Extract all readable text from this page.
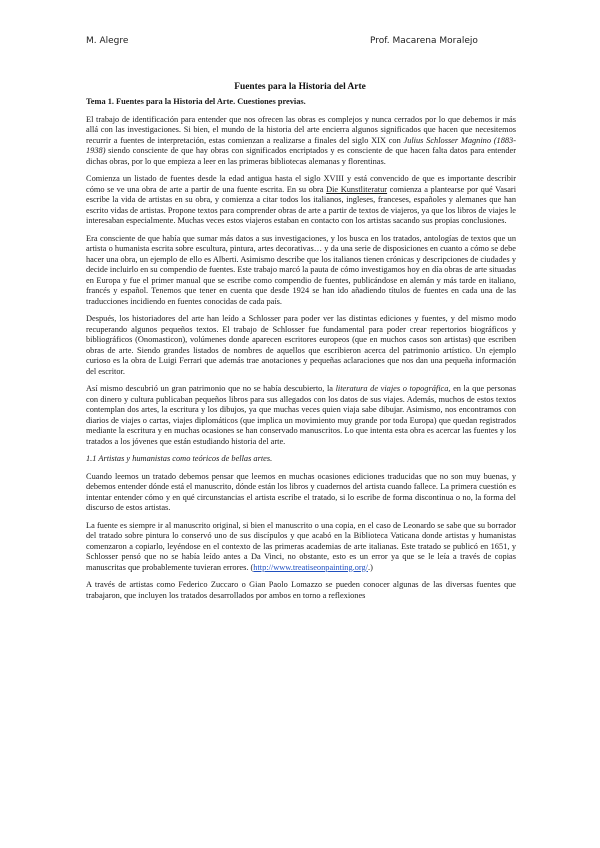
M. Alegre	Prof. Macarena Moralejo
Fuentes para la Historia del Arte
Tema 1. Fuentes para la Historia del Arte. Cuestiones previas.
El trabajo de identificación para entender que nos ofrecen las obras es complejos y nunca cerrados por lo que debemos ir más allá con las investigaciones. Si bien, el mundo de la historia del arte encierra algunos significados que hacen que necesitemos recurrir a fuentes de interpretación, estas comienzan a realizarse a finales del siglo XIX con Julius Schlosser Magnino (1883-1938) siendo consciente de que hay obras con significados encriptados y es consciente de que hacen falta datos para entender dichas obras, por lo que empieza a leer en las primeras bibliotecas alemanas y florentinas.
Comienza un listado de fuentes desde la edad antigua hasta el siglo XVIII y está convencido de que es importante describir cómo se ve una obra de arte a partir de una fuente escrita. En su obra Die Kunstliteratur comienza a plantearse por qué Vasari escribe la vida de artistas en su obra, y comienza a citar todos los italianos, ingleses, franceses, españoles y alemanes que han escrito vidas de artistas. Propone textos para comprender obras de arte a partir de textos de viajeros, ya que los libros de viajes le interesaban especialmente. Muchas veces estos viajeros estaban en contacto con los artistas sacando sus propias conclusiones.
Era consciente de que había que sumar más datos a sus investigaciones, y los busca en los tratados, antologías de textos que un artista o humanista escrita sobre escultura, pintura, artes decorativas… y da una serie de disposiciones en cuanto a cómo se debe hacer una obra, un ejemplo de ello es Alberti. Asimismo describe que los italianos tienen crónicas y descripciones de ciudades y decide incluirlo en su compendio de fuentes. Este trabajo marcó la pauta de cómo investigamos hoy en día obras de arte situadas en Europa y fue el primer manual que se escribe como compendio de fuentes, publicándose en alemán y más tarde en italiano, francés y español. Tenemos que tener en cuenta que desde 1924 se han ido añadiendo títulos de fuentes en cada una de las traducciones incidiendo en fuentes conocidas de cada país.
Después, los historiadores del arte han leído a Schlosser para poder ver las distintas ediciones y fuentes, y del mismo modo recuperando algunos pequeños textos. El trabajo de Schlosser fue fundamental para poder crear repertorios biográficos y bibliográficos (Onomasticon), volúmenes donde aparecen escritores europeos (que en muchos casos son artistas) que escriben obras de arte. Siendo grandes listados de nombres de aquellos que escribieron acerca del patrimonio artístico. Un ejemplo curioso es la obra de Luigi Ferrari que además trae anotaciones y pequeñas aclaraciones que nos dan una pequeña información del escritor.
Así mismo descubrió un gran patrimonio que no se había descubierto, la literatura de viajes o topográfica, en la que personas con dinero y cultura publicaban pequeños libros para sus allegados con los datos de sus viajes. Además, muchos de estos textos contemplan dos artes, la escritura y los dibujos, ya que muchas veces quien viaja sabe dibujar. Asimismo, nos encontramos con diarios de viajes o cartas, viajes diplomáticos (que implica un movimiento muy grande por toda Europa) que quedan registrados mediante la escritura y en muchas ocasiones se han conservado manuscritos. Lo que intenta esta obra es acercar las fuentes y los tratados a los jóvenes que están estudiando historia del arte.
1.1 Artistas y humanistas como teóricos de bellas artes.
Cuando leemos un tratado debemos pensar que leemos en muchas ocasiones ediciones traducidas que no son muy buenas, y debemos entender dónde está el manuscrito, dónde están los libros y cuadernos del artista cuando fallece. La primera cuestión es intentar entender cómo y en qué circunstancias el artista escribe el tratado, si lo escribe de forma discontinua o no, la forma del discurso de estos artistas.
La fuente es siempre ir al manuscrito original, si bien el manuscrito o una copia, en el caso de Leonardo se sabe que su borrador del tratado sobre pintura lo conservó uno de sus discípulos y que acabó en la Biblioteca Vaticana donde artistas y humanistas comenzaron a copiarlo, leyéndose en el contexto de las primeras academias de arte italianas. Este tratado se publicó en 1651, y Schlosser pensó que no se había leído antes a Da Vinci, no obstante, esto es un error ya que se le leía a través de copias manuscritas que probablemente tuvieran errores. (http://www.treatiseonpainting.org/.)
A través de artistas como Federico Zuccaro o Gian Paolo Lomazzo se pueden conocer algunas de las diversas fuentes que trabajaron, que incluyen los tratados desarrollados por ambos en torno a reflexiones
